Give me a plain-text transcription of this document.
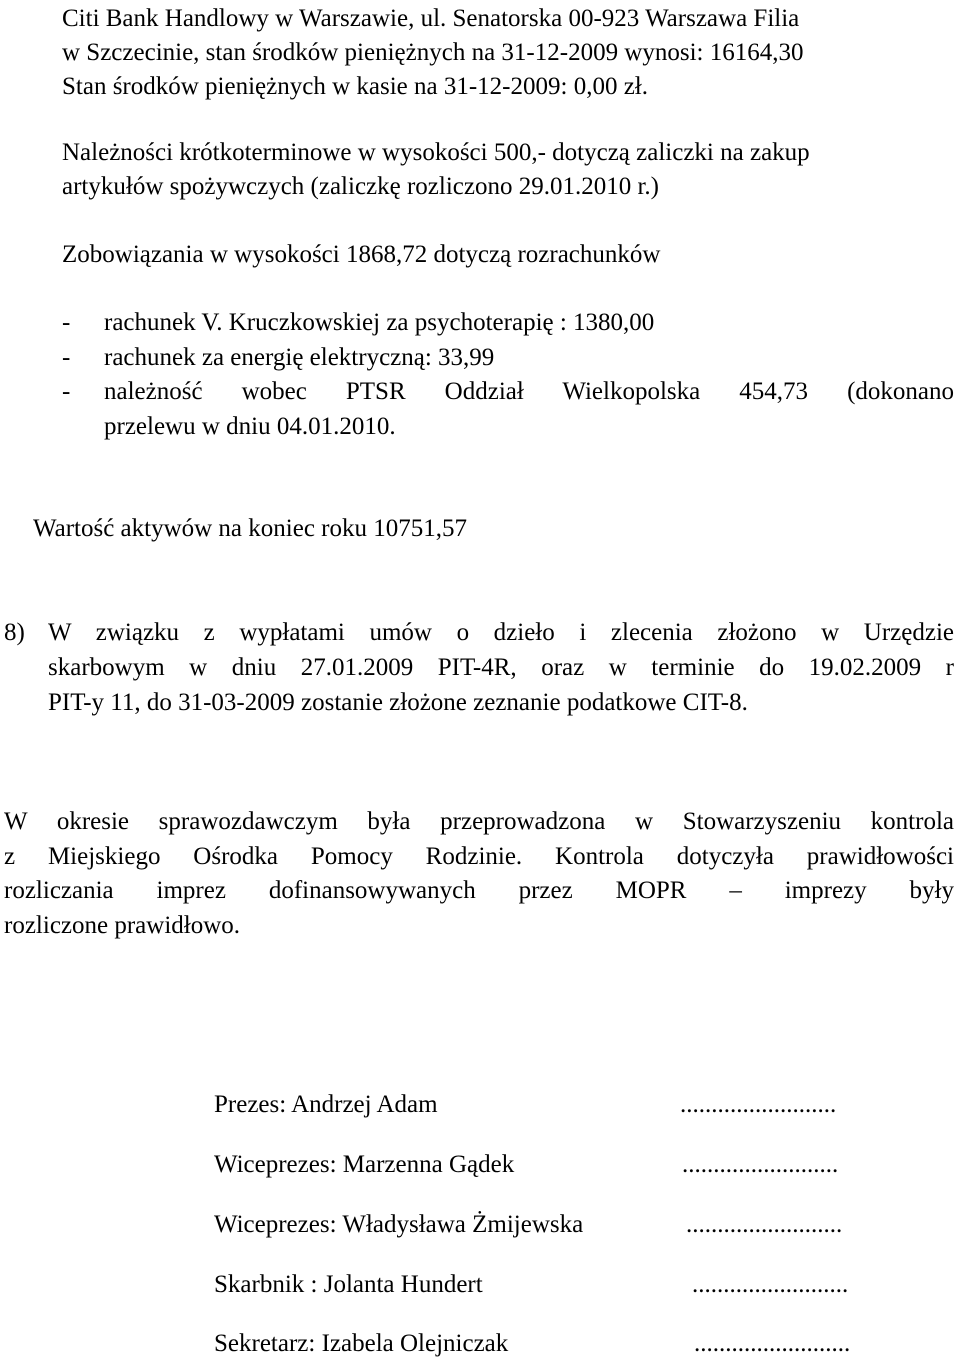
Citi Bank Handlowy w Warszawie, ul. Senatorska 00-923 Warszawa Filia
w Szczecinie, stan środków pieniężnych na 31-12-2009 wynosi: 16164,30
Stan środków pieniężnych w kasie na 31-12-2009: 0,00 zł.
Należności krótkoterminowe w wysokości 500,- dotyczą zaliczki na zakup
artykułów spożywczych (zaliczkę rozliczono 29.01.2010 r.)
Zobowiązania w wysokości 1868,72 dotyczą rozrachunków
- rachunek V. Kruczkowskiej za psychoterapię : 1380,00
- rachunek za energię elektryczną: 33,99
- należność wobec PTSR Oddział Wielkopolska 454,73 (dokonano
przelewu w dniu 04.01.2010.
Wartość aktywów na koniec roku 10751,57
8) W związku z wypłatami umów o dzieło i zlecenia złożono w Urzędzie
skarbowym w dniu 27.01.2009 PIT-4R, oraz w terminie do 19.02.2009 r
PIT-y 11, do 31-03-2009 zostanie złożone zeznanie podatkowe CIT-8.
W okresie sprawozdawczym była przeprowadzona w Stowarzyszeniu kontrola
z Miejskiego Ośrodka Pomocy Rodzinie. Kontrola dotyczyła prawidłowości
rozliczania imprez dofinansowywanych przez MOPR – imprezy były
rozliczone prawidłowo.
Prezes: Andrzej Adam	.........................
Wiceprezes: Marzenna Gądek	.........................
Wiceprezes: Władysława Żmijewska	.........................
Skarbnik : Jolanta Hundert	.........................
Sekretarz: Izabela Olejniczak	.........................
